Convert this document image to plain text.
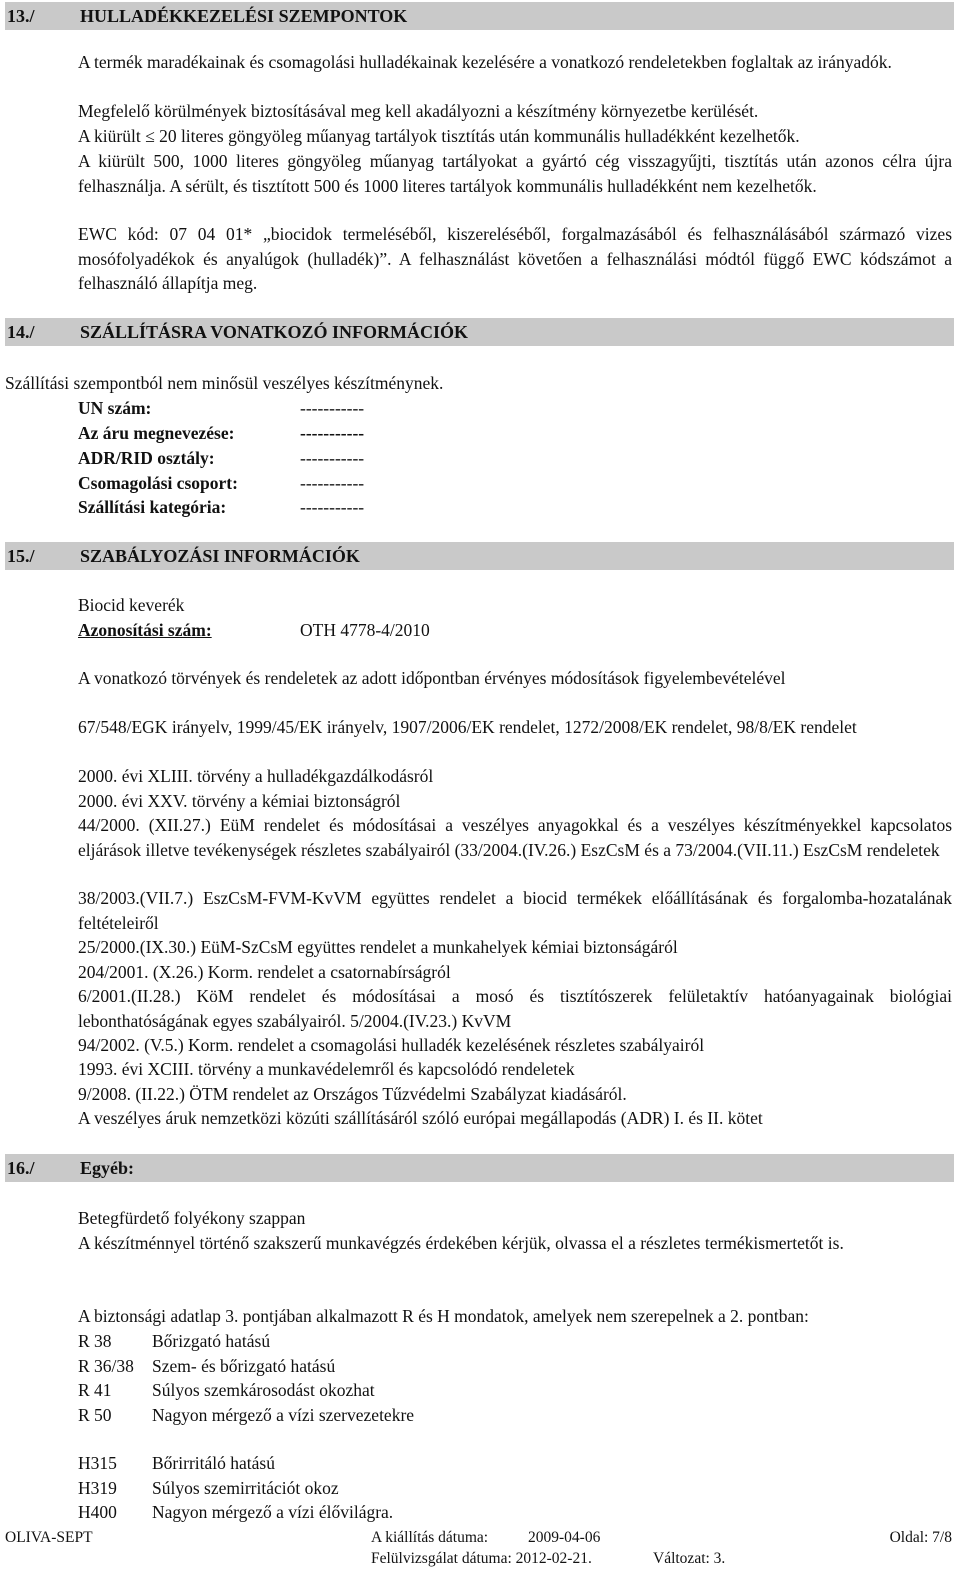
13./	HULLADÉKKEZELÉSI SZEMPONTOK
A termék maradékainak és csomagolási hulladékainak kezelésére a vonatkozó rendeletekben foglaltak az irányadók.
Megfelelő körülmények biztosításával meg kell akadályozni a készítmény környezetbe kerülését.
A kiürült ≤ 20 literes göngyöleg műanyag tartályok tisztítás után kommunális hulladékként kezelhetők.
A kiürült 500, 1000 literes göngyöleg műanyag tartályokat a gyártó cég visszagyűjti, tisztítás után azonos célra újra felhasználja. A sérült, és tisztított 500 és 1000 literes tartályok kommunális hulladékként nem kezelhetők.
EWC kód: 07 04 01* „biocidok termeléséből, kiszereléséből, forgalmazásából és felhasználásából származó vizes mosófolyadékok és anyalúgok (hulladék)”. A felhasználást követően a felhasználási módtól függő EWC kódszámot a felhasználó állapítja meg.
14./	SZÁLLÍTÁSRA VONATKOZÓ INFORMÁCIÓK
Szállítási szempontból nem minősül veszélyes készítménynek.
UN szám:	-----------
Az áru megnevezése:	-----------
ADR/RID osztály:	-----------
Csomagolási csoport:	-----------
Szállítási kategória:	-----------
15./	SZABÁLYOZÁSI INFORMÁCIÓK
Biocid keverék
Azonosítási szám:	OTH 4778-4/2010
A vonatkozó törvények és rendeletek az adott időpontban érvényes módosítások figyelembevételével
67/548/EGK irányelv, 1999/45/EK irányelv, 1907/2006/EK rendelet, 1272/2008/EK rendelet, 98/8/EK rendelet
2000. évi XLIII. törvény a hulladékgazdálkodásról
2000. évi XXV. törvény a kémiai biztonságról
44/2000. (XII.27.) EüM rendelet és módosításai a veszélyes anyagokkal és a veszélyes készítményekkel kapcsolatos eljárások illetve tevékenységek részletes szabályairól (33/2004.(IV.26.) EszCsM és a 73/2004.(VII.11.) EszCsM rendeletek
38/2003.(VII.7.) EszCsM-FVM-KvVM együttes rendelet a biocid termékek előállításának és forgalomba-hozatalának feltételeiről
25/2000.(IX.30.) EüM-SzCsM együttes rendelet a munkahelyek kémiai biztonságáról
204/2001. (X.26.) Korm. rendelet a csatornabírságról
6/2001.(II.28.) KöM rendelet és módosításai a mosó és tisztítószerek felületaktív hatóanyagainak biológiai lebonthatóságának egyes szabályairól. 5/2004.(IV.23.) KvVM
94/2002. (V.5.) Korm. rendelet a csomagolási hulladék kezelésének részletes szabályairól
1993. évi XCIII. törvény a munkavédelemről és kapcsolódó rendeletek
9/2008. (II.22.) ÖTM rendelet az Országos Tűzvédelmi Szabályzat kiadásáról.
A veszélyes áruk nemzetközi közúti szállításáról szóló európai megállapodás (ADR) I. és II. kötet
16./	Egyéb:
Betegfürdető folyékony szappan
A készítménnyel történő szakszerű munkavégzés érdekében kérjük, olvassa el a részletes termékismertetőt is.
A biztonsági adatlap 3. pontjában alkalmazott R és H mondatok, amelyek nem szerepelnek a 2. pontban:
R 38 Bőrizgató hatású
R 36/38 Szem- és bőrizgató hatású
R 41 Súlyos szemkárosodást okozhat
R 50 Nagyon mérgező a vízi szervezetekre
H315 Bőrirritáló hatású
H319 Súlyos szemirritációt okoz
H400 Nagyon mérgező a vízi élővilágra.
OLIVA-SEPT	A kiállítás dátuma:	2009-04-06	Oldal: 7/8
Felülvizsgálat dátuma: 2012-02-21.	Változat: 3.
